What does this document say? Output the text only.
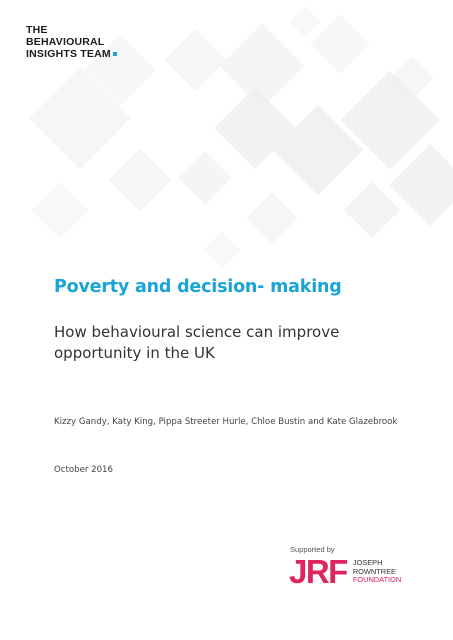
THE
BEHAVIOURAL
INSIGHTS TEAM
Poverty and decision- making

How behavioural science can improve opportunity in the UK

Kizzy Gandy, Katy King, Pippa Streeter Hurle, Chloe Bustin and Kate Glazebrook

October 2016

Supported by
JRF JOSEPH
ROWNTREE
FOUNDATION
